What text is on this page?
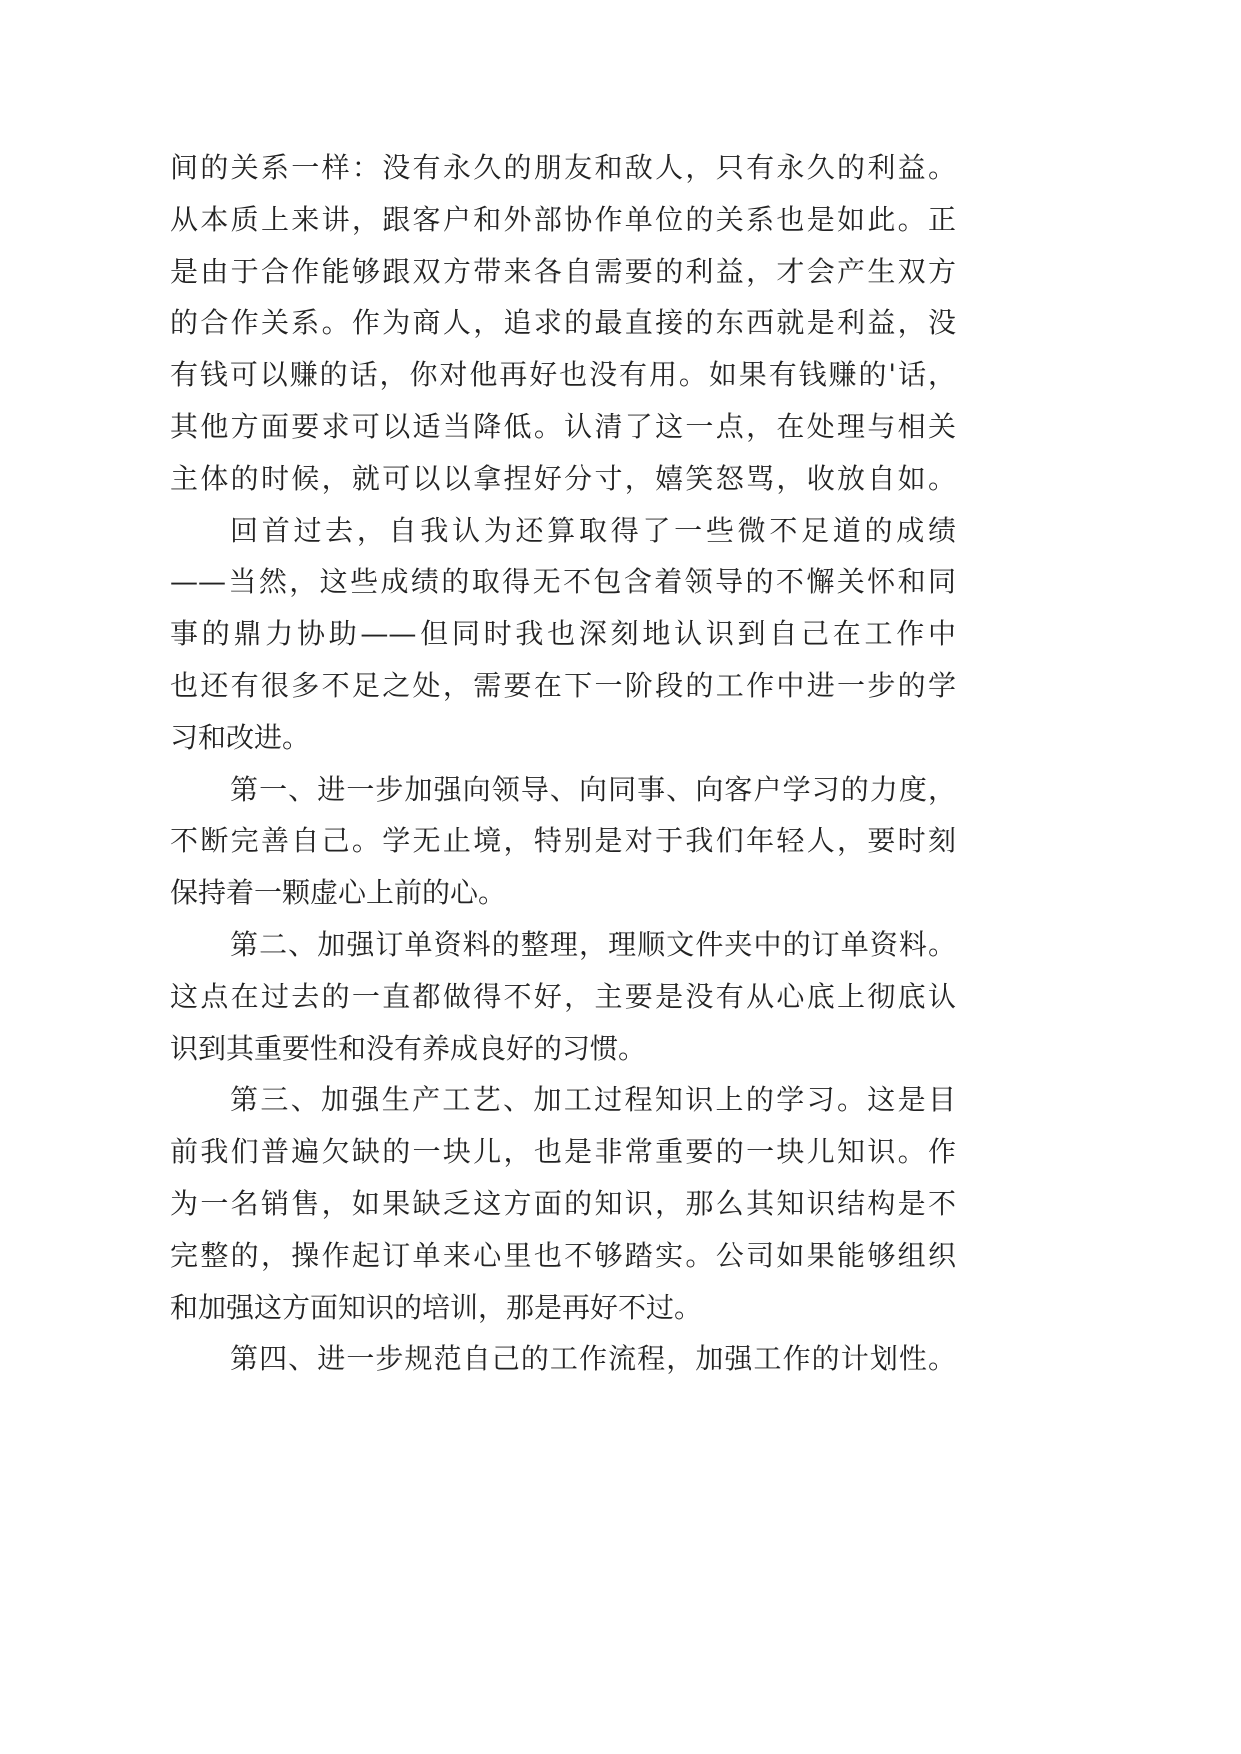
间的关系一样：没有永久的朋友和敌人，只有永久的利益。
从本质上来讲，跟客户和外部协作单位的关系也是如此。正
是由于合作能够跟双方带来各自需要的利益，才会产生双方
的合作关系。作为商人，追求的最直接的东西就是利益，没
有钱可以赚的话，你对他再好也没有用。如果有钱赚的'话，
其他方面要求可以适当降低。认清了这一点，在处理与相关
主体的时候，就可以以拿捏好分寸，嬉笑怒骂，收放自如。
回首过去，自我认为还算取得了一些微不足道的成绩
——当然，这些成绩的取得无不包含着领导的不懈关怀和同
事的鼎力协助——但同时我也深刻地认识到自己在工作中
也还有很多不足之处，需要在下一阶段的工作中进一步的学
习和改进。
第一、进一步加强向领导、向同事、向客户学习的力度，
不断完善自己。学无止境，特别是对于我们年轻人，要时刻
保持着一颗虚心上前的心。
第二、加强订单资料的整理，理顺文件夹中的订单资料。
这点在过去的一直都做得不好，主要是没有从心底上彻底认
识到其重要性和没有养成良好的习惯。
第三、加强生产工艺、加工过程知识上的学习。这是目
前我们普遍欠缺的一块儿，也是非常重要的一块儿知识。作
为一名销售，如果缺乏这方面的知识，那么其知识结构是不
完整的，操作起订单来心里也不够踏实。公司如果能够组织
和加强这方面知识的培训，那是再好不过。
第四、进一步规范自己的工作流程，加强工作的计划性。
